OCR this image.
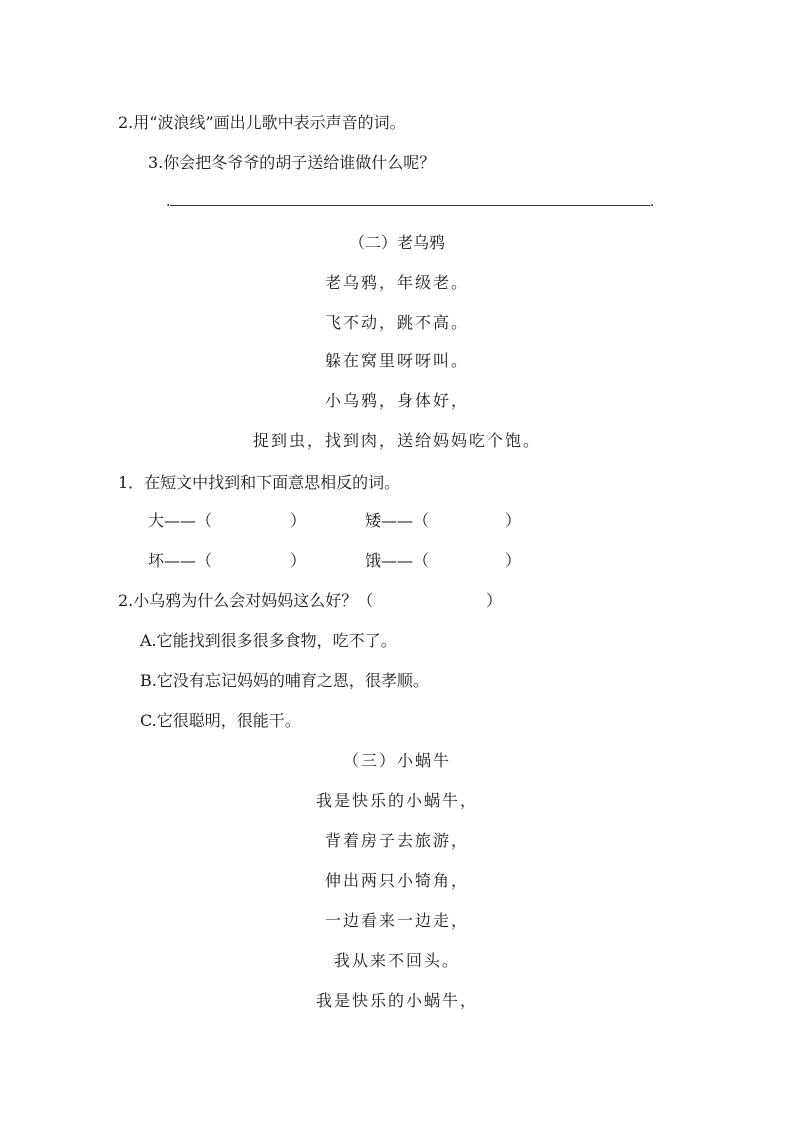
2.用“波浪线”画出儿歌中表示声音的词。
3.你会把冬爷爷的胡子送给谁做什么呢？
.	.
（二）老乌鸦
老乌鸦，年级老。
飞不动，跳不高。
躲在窝里呀呀叫。
小乌鸦，身体好，
捉到虫，找到肉，送给妈妈吃个饱。
1．在短文中找到和下面意思相反的词。
大——（	）	矮——（	）
坏——（	）	饿——（	）
2.小乌鸦为什么会对妈妈这么好？（	）
A.它能找到很多很多食物，吃不了。
B.它没有忘记妈妈的哺育之恩，很孝顺。
C.它很聪明，很能干。
（三）小蜗牛
我是快乐的小蜗牛，
背着房子去旅游，
伸出两只小犄角，
一边看来一边走，
我从来不回头。
我是快乐的小蜗牛，
